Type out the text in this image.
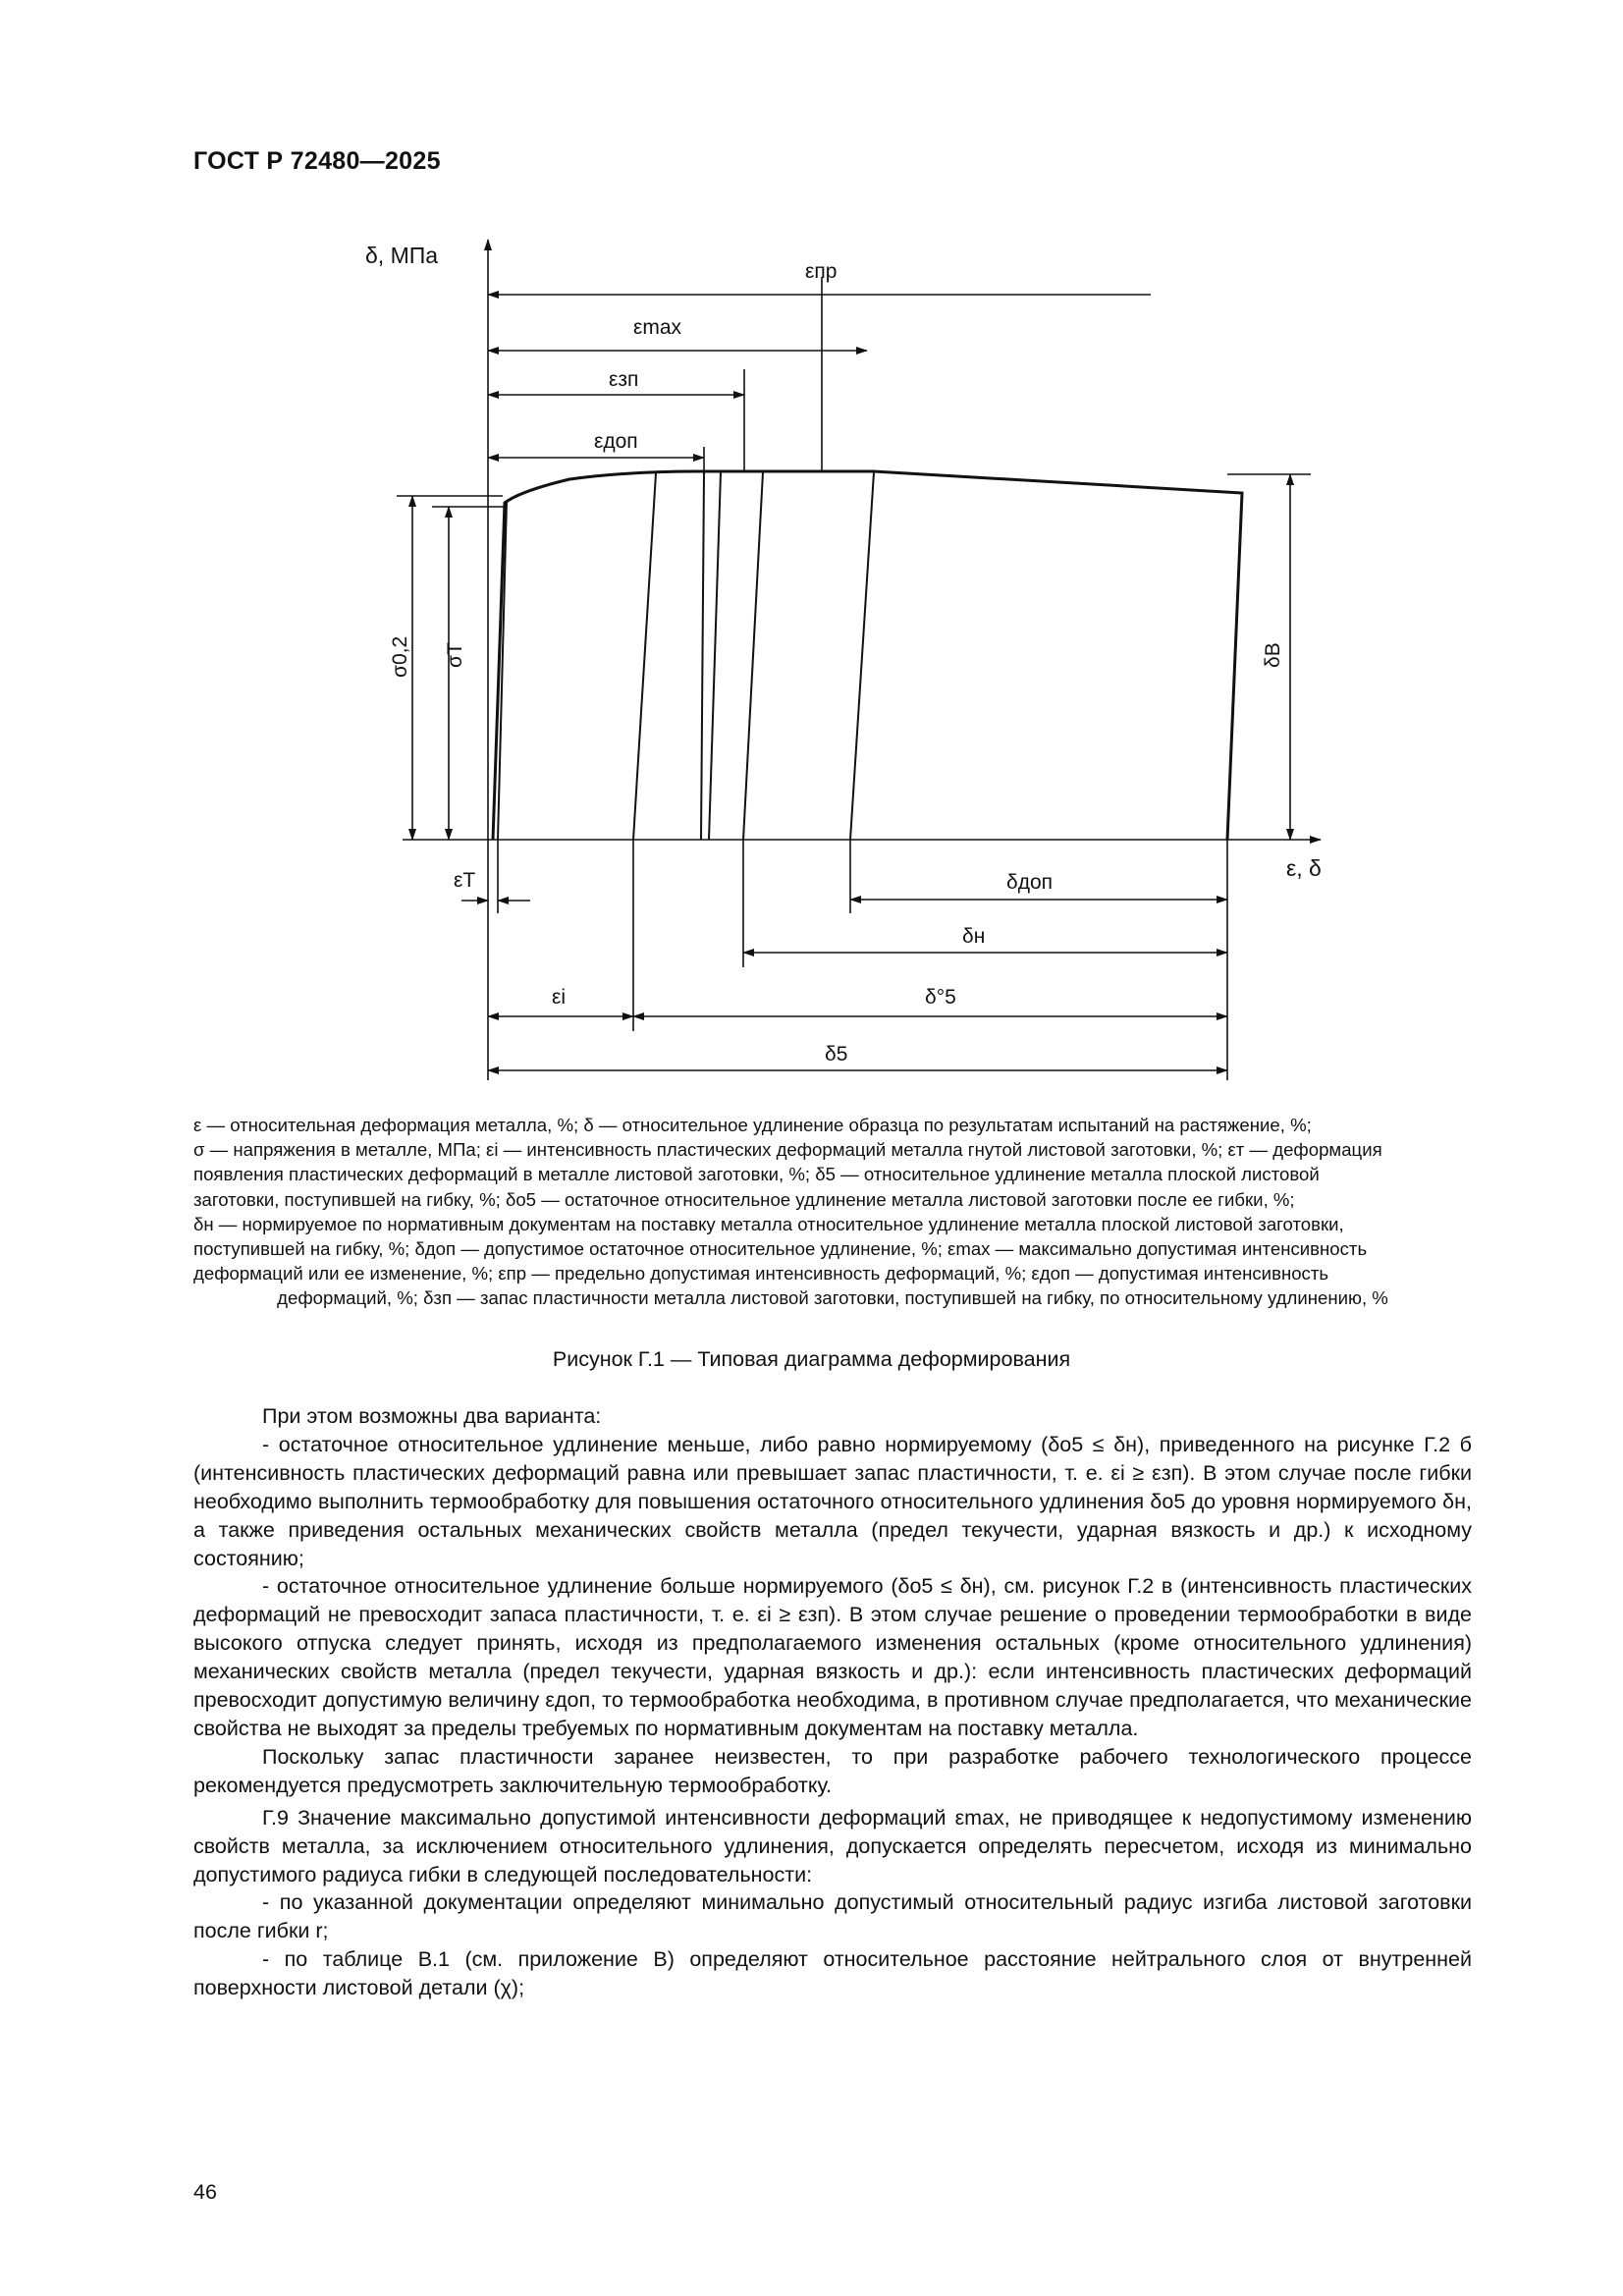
ГОСТ Р 72480—2025
δ, МПа
ε, δ
εпр
εmax
εзп
εдоп
σ0,2 σT	δB
εT	δдоп
δн
εi	δ°5
δ5
ε — относительная деформация металла, %; δ — относительное удлинение образца по результатам испытаний на растяжение, %;
σ — напряжения в металле, МПа; εi — интенсивность пластических деформаций металла гнутой листовой заготовки, %; εт — деформация
появления пластических деформаций в металле листовой заготовки, %; δ5 — относительное удлинение металла плоской листовой
заготовки, поступившей на гибку, %; δо5 — остаточное относительное удлинение металла листовой заготовки после ее гибки, %;
δн — нормируемое по нормативным документам на поставку металла относительное удлинение металла плоской листовой заготовки,
поступившей на гибку, %; δдоп — допустимое остаточное относительное удлинение, %; εmax — максимально допустимая интенсивность
деформаций или ее изменение, %; εпр — предельно допустимая интенсивность деформаций, %; εдоп — допустимая интенсивность
деформаций, %; δзп — запас пластичности металла листовой заготовки, поступившей на гибку, по относительному удлинению, %
Рисунок Г.1 — Типовая диаграмма деформирования

При этом возможны два варианта:

- остаточное относительное удлинение меньше, либо равно нормируемому (δо5 ≤ δн), приведенного на рисунке Г.2 б (интенсивность пластических деформаций равна или превышает запас пластичности, т. е. εi ≥ εзп). В этом случае после гибки необходимо выполнить термообработку для повышения остаточного относительного удлинения δо5 до уровня нормируемого δн, а также приведения остальных механических свойств металла (предел текучести, ударная вязкость и др.) к исходному состоянию;

- остаточное относительное удлинение больше нормируемого (δо5 ≤ δн), см. рисунок Г.2 в (интенсивность пластических деформаций не превосходит запаса пластичности, т. е. εi ≥ εзп). В этом случае решение о проведении термообработки в виде высокого отпуска следует принять, исходя из предполагаемого изменения остальных (кроме относительного удлинения) механических свойств металла (предел текучести, ударная вязкость и др.): если интенсивность пластических деформаций превосходит допустимую величину εдоп, то термообработка необходима, в противном случае предполагается, что механические свойства не выходят за пределы требуемых по нормативным документам на поставку металла.

Поскольку запас пластичности заранее неизвестен, то при разработке рабочего технологического процессе рекомендуется предусмотреть заключительную термообработку.

Г.9 Значение максимально допустимой интенсивности деформаций εmax, не приводящее к недопустимому изменению свойств металла, за исключением относительного удлинения, допускается определять пересчетом, исходя из минимально допустимого радиуса гибки в следующей последовательности:

- по указанной документации определяют минимально допустимый относительный радиус изгиба листовой заготовки после гибки r;

- по таблице В.1 (см. приложение В) определяют относительное расстояние нейтрального слоя от внутренней поверхности листовой детали (χ);

46
